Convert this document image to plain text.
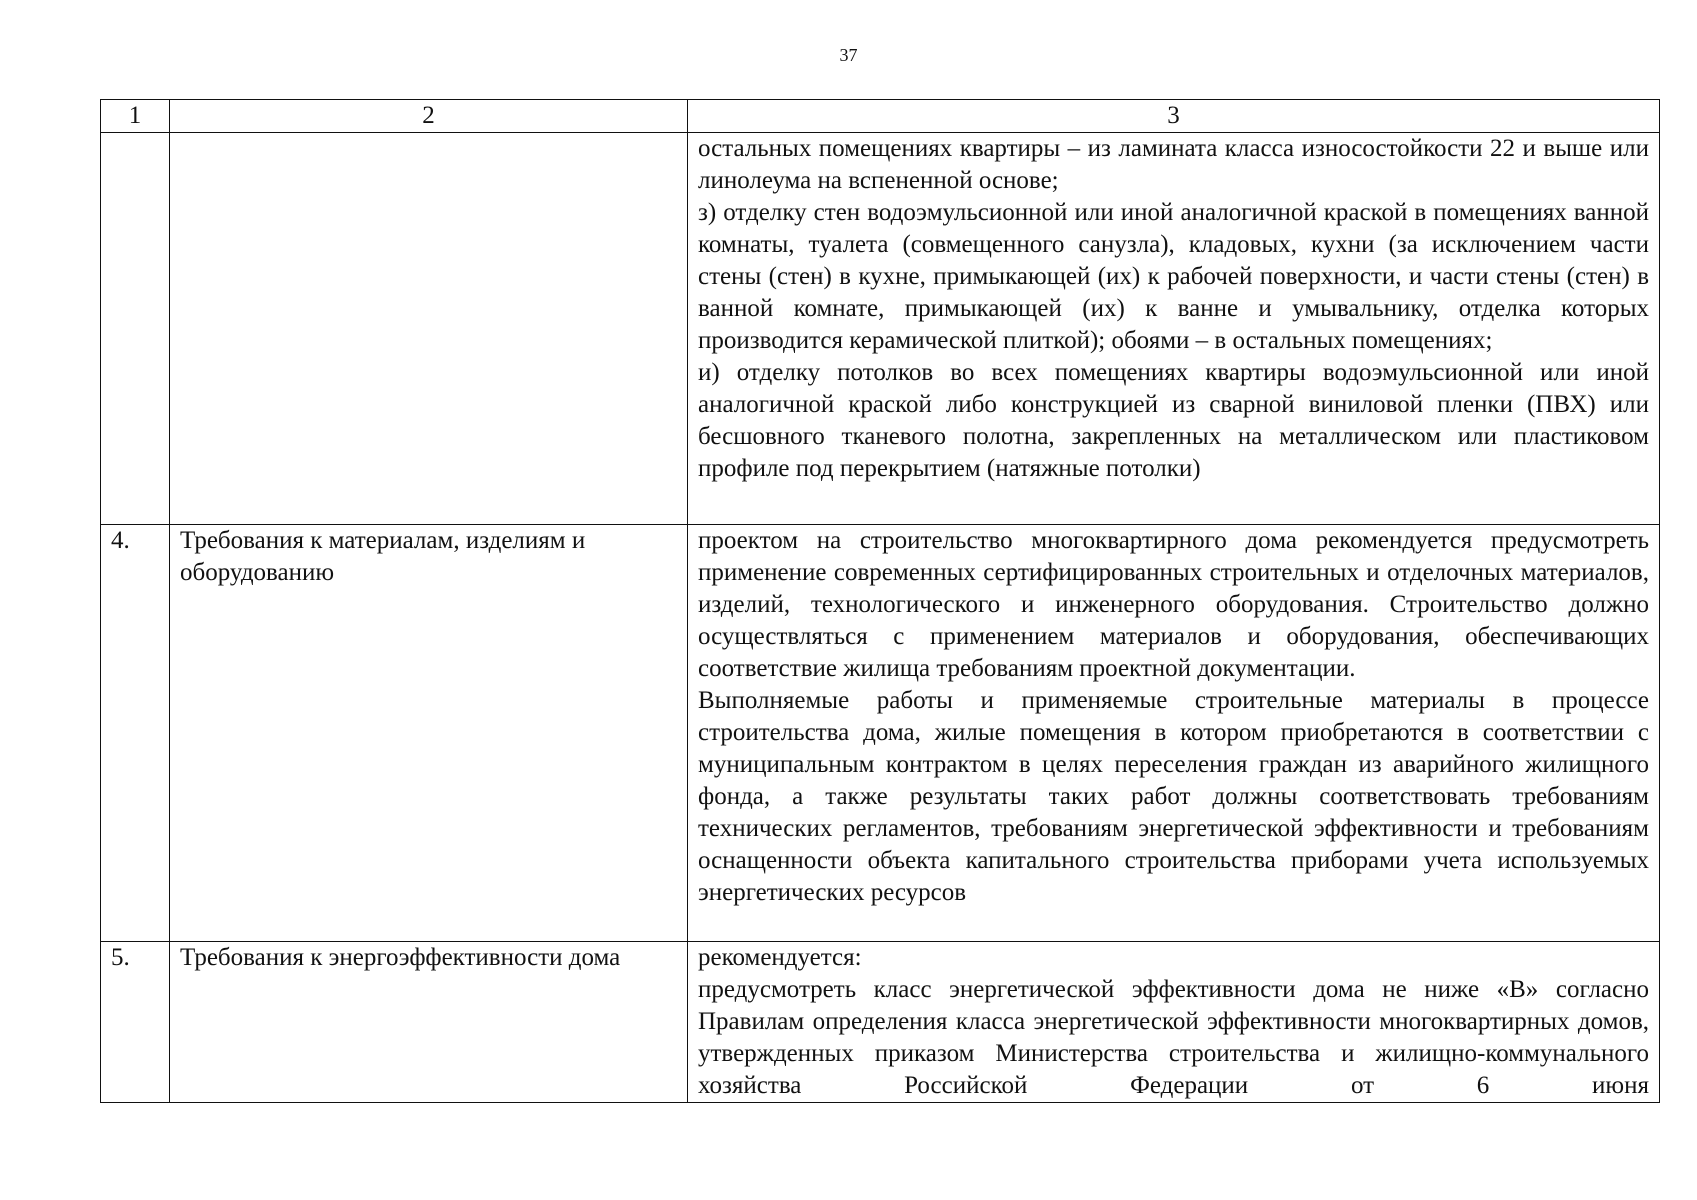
37
1	2	3

		остальных помещениях квартиры – из ламината класса износостойкости 22 и выше или линолеума на вспененной основе;

з) отделку стен водоэмульсионной или иной аналогичной краской в помещениях ванной комнаты, туалета (совмещенного санузла), кладовых, кухни (за исключением части стены (стен) в кухне, примыкающей (их) к рабочей поверхности, и части стены (стен) в ванной комнате, примыкающей (их) к ванне и умывальнику, отделка которых производится керамической плиткой); обоями – в остальных помещениях;

и) отделку потолков во всех помещениях квартиры водоэмульсионной или иной аналогичной краской либо конструкцией из сварной виниловой пленки (ПВХ) или бесшовного тканевого полотна, закрепленных на металлическом или пластиковом профиле под перекрытием (натяжные потолки)

4.	Требования к материалам, изделиям и оборудованию	проектом на строительство многоквартирного дома рекомендуется предусмотреть применение современных сертифицированных строительных и отделочных материалов, изделий, технологического и инженерного оборудования. Строительство должно осуществляться с применением материалов и оборудования, обеспечивающих соответствие жилища требованиям проектной документации.

Выполняемые работы и применяемые строительные материалы в процессе строительства дома, жилые помещения в котором приобретаются в соответствии с муниципальным контрактом в целях переселения граждан из аварийного жилищного фонда, а также результаты таких работ должны соответствовать требованиям технических регламентов, требованиям энергетической эффективности и требованиям оснащенности объекта капитального строительства приборами учета используемых энергетических ресурсов

5.	Требования к энергоэффективности дома	рекомендуется:

предусмотреть класс энергетической эффективности дома не ниже «В» согласно Правилам определения класса энергетической эффективности многоквартирных домов, утвержденных приказом Министерства строительства и жилищно-коммунального хозяйства Российской Федерации от 6 июня
